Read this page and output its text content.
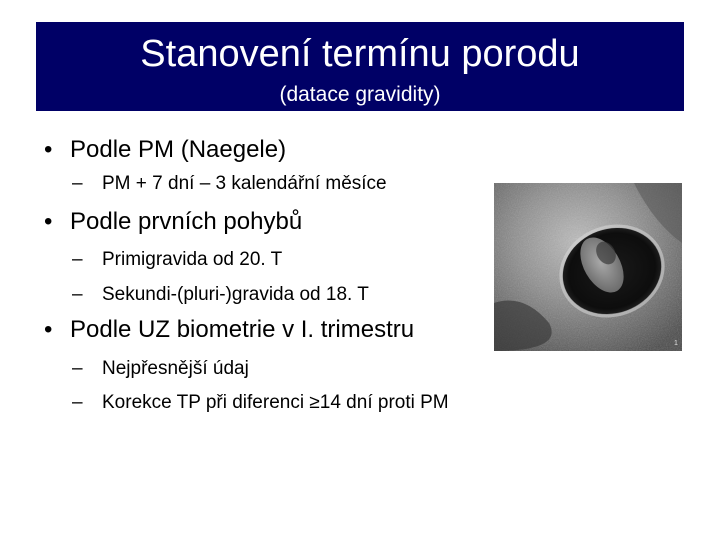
Stanovení termínu porodu
(datace gravidity)
• Podle PM (Naegele)
– PM + 7 dní – 3 kalendářní měsíce
• Podle prvních pohybů
– Primigravida od 20. T
– Sekundi-(pluri-)gravida od 18. T
• Podle UZ biometrie v I. trimestru
– Nejpřesnější údaj
– Korekce TP při diferenci ≥14 dní proti PM
1
